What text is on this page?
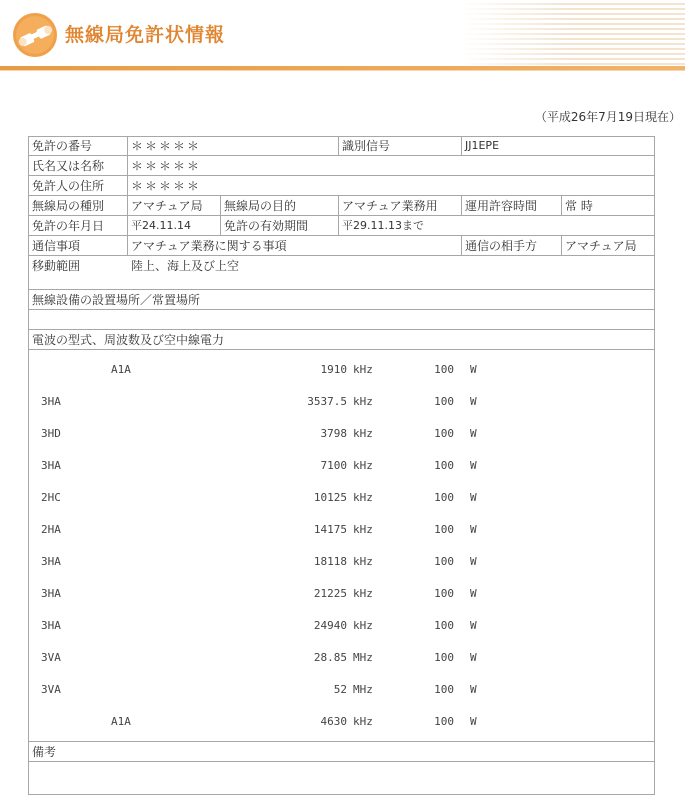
無線局免許状情報
（平成26年7月19日現在）
免許の番号	＊＊＊＊＊	識別信号	JJ1EPE
氏名又は名称 ＊＊＊＊＊
免許人の住所 ＊＊＊＊＊
無線局の種別 アマチュア局 無線局の目的	アマチュア業務用 運用許容時間 常 時
免許の年月日 平24.11.14	免許の有効期間	平29.11.13まで
通信事項	アマチュア業務に関する事項	通信の相手方 アマチュア局
移動範囲	陸上、海上及び上空
無線設備の設置場所／常置場所
電波の型式、周波数及び空中線電力
A1A	1910 kHz	100 W
3HA	3537.5 kHz	100 W
3HD	3798 kHz	100 W
3HA	7100 kHz	100 W
2HC	10125 kHz	100 W
2HA	14175 kHz	100 W
3HA	18118 kHz	100 W
3HA	21225 kHz	100 W
3HA	24940 kHz	100 W
3VA	28.85 MHz	100 W
3VA	52 MHz	100 W
A1A	4630 kHz	100 W
備考
